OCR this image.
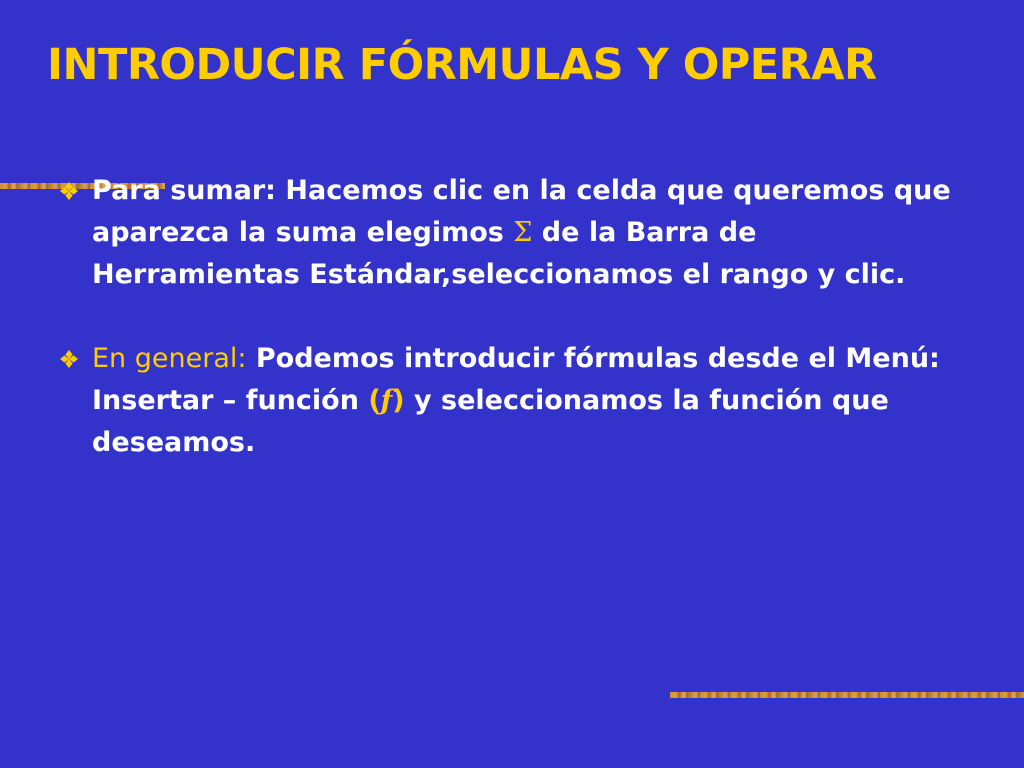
INTRODUCIR FÓRMULAS Y OPERAR
Para sumar: Hacemos clic en la celda que queremos que aparezca la suma elegimos Σ de la Barra de Herramientas Estándar,seleccionamos el rango y clic.
En general: Podemos introducir fórmulas desde el Menú: Insertar – función (ƒ) y seleccionamos la función que deseamos.
